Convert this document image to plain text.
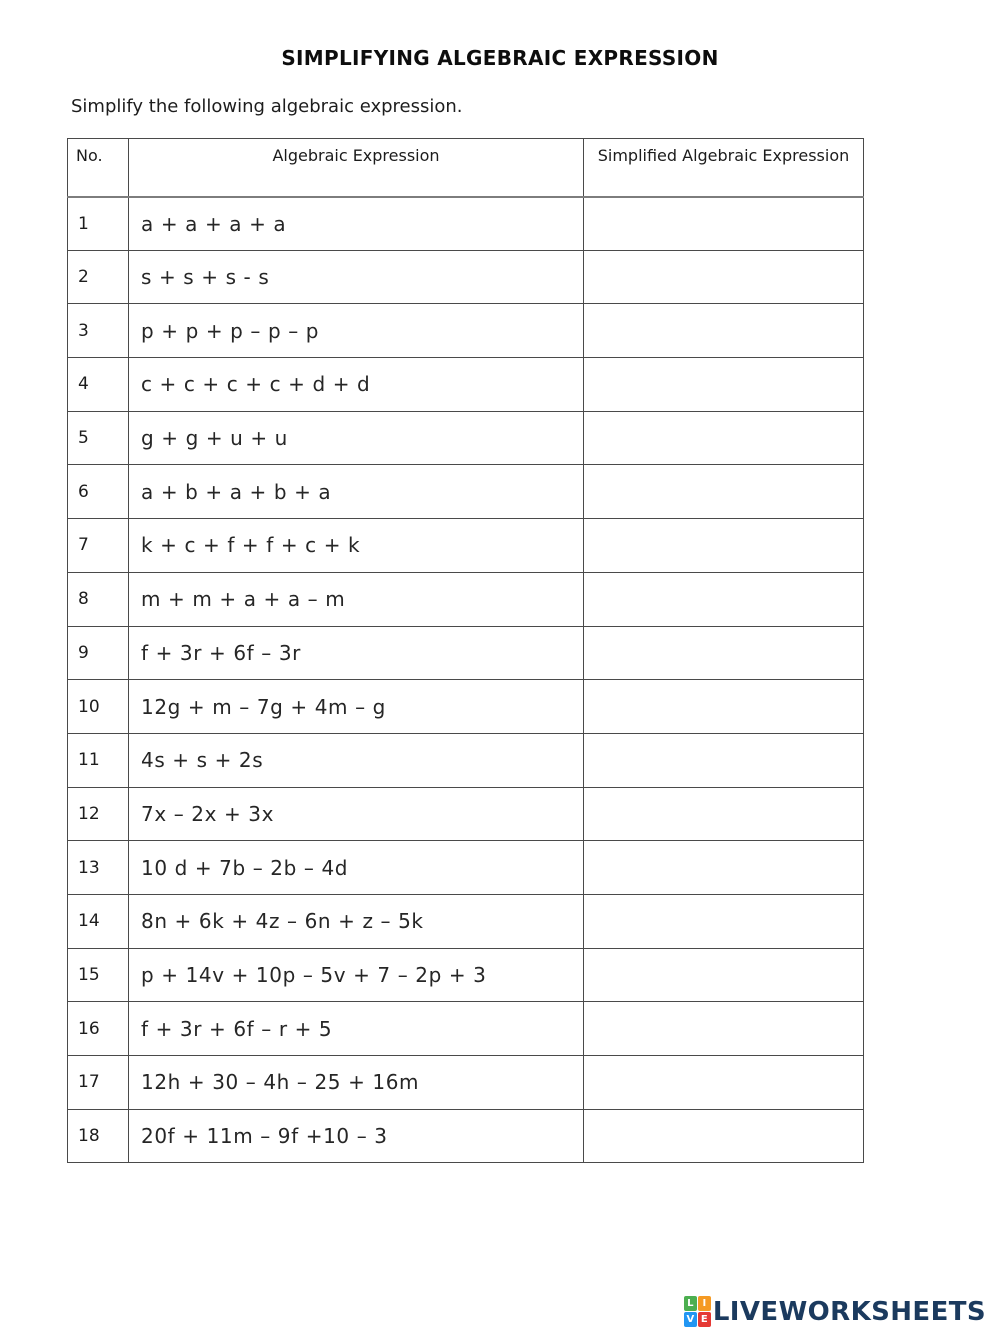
SIMPLIFYING ALGEBRAIC EXPRESSION

Simplify the following algebraic expression.

No.	Algebraic Expression	Simplified Algebraic Expression
1	a + a + a + a	
2	s + s + s - s	
3	p + p + p – p – p	
4	c + c + c + c + d + d	
5	g + g + u + u	
6	a + b + a + b + a	
7	k + c + f + f + c + k	
8	m + m + a + a – m	
9	f + 3r + 6f – 3r	
10	12g + m – 7g + 4m – g	
11	4s + s + 2s	
12	7x – 2x + 3x	
13	10 d + 7b – 2b – 4d	
14	8n + 6k + 4z – 6n + z – 5k	
15	p + 14v + 10p – 5v + 7 – 2p + 3	
16	f + 3r + 6f – r + 5	
17	12h + 30 – 4h – 25 + 16m	
18	20f + 11m – 9f +10 – 3	
L I
V E LIVEWORKSHEETS
